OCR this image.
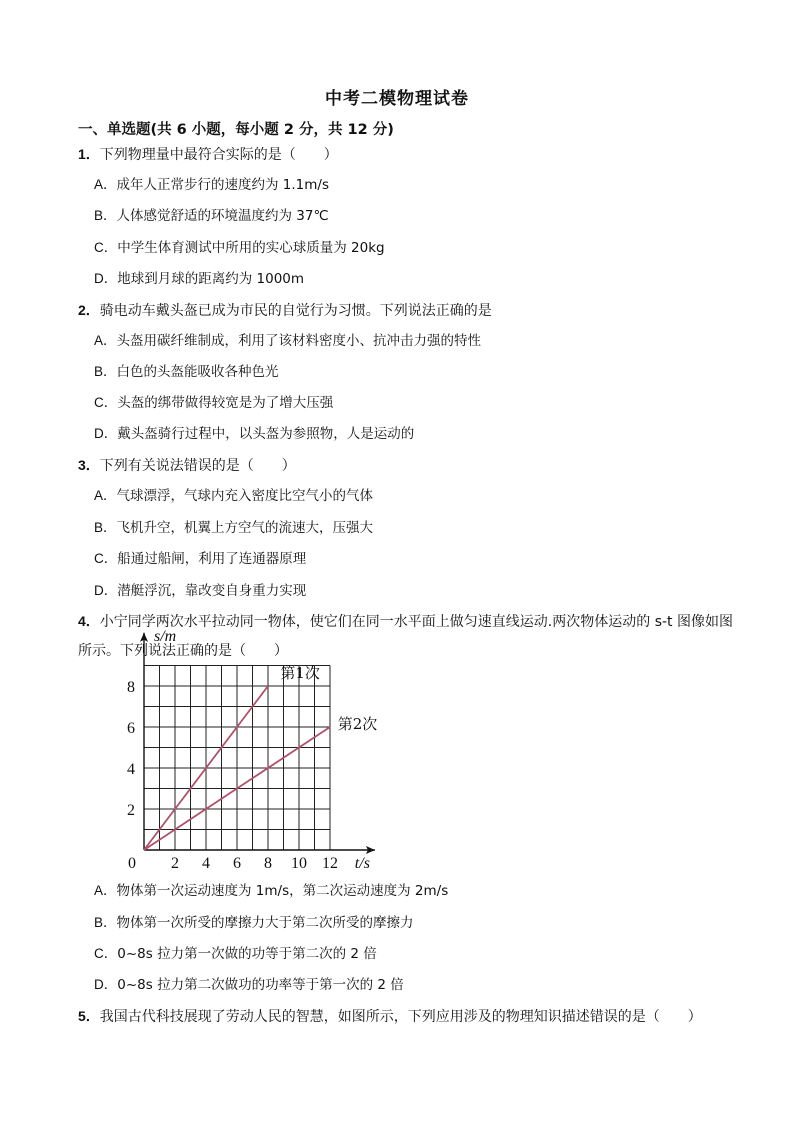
中考二模物理试卷
一、单选题(共 6 小题，每小题 2 分，共 12 分)
1．下列物理量中最符合实际的是（　　）
A．成年人正常步行的速度约为 1.1m/s
B．人体感觉舒适的环境温度约为 37℃
C．中学生体育测试中所用的实心球质量为 20kg
D．地球到月球的距离约为 1000m
2．骑电动车戴头盔已成为市民的自觉行为习惯。下列说法正确的是
A．头盔用碳纤维制成，利用了该材料密度小、抗冲击力强的特性
B．白色的头盔能吸收各种色光
C．头盔的绑带做得较宽是为了增大压强
D．戴头盔骑行过程中，以头盔为参照物，人是运动的
3．下列有关说法错误的是（　　）
A．气球漂浮，气球内充入密度比空气小的气体
B．飞机升空，机翼上方空气的流速大，压强大
C．船通过船闸，利用了连通器原理
D．潜艇浮沉，靠改变自身重力实现
4．小宁同学两次水平拉动同一物体，使它们在同一水平面上做匀速直线运动.两次物体运动的 s-t 图像如图所示。下列说法正确的是（　　）
0 2 4 6 8 10 12
2
4
6
8
s/m
t/s
第1次
第2次
A．物体第一次运动速度为 1m/s，第二次运动速度为 2m/s
B．物体第一次所受的摩擦力大于第二次所受的摩擦力
C．0~8s 拉力第一次做的功等于第二次的 2 倍
D．0~8s 拉力第二次做功的功率等于第一次的 2 倍
5．我国古代科技展现了劳动人民的智慧，如图所示，下列应用涉及的物理知识描述错误的是（　　）
